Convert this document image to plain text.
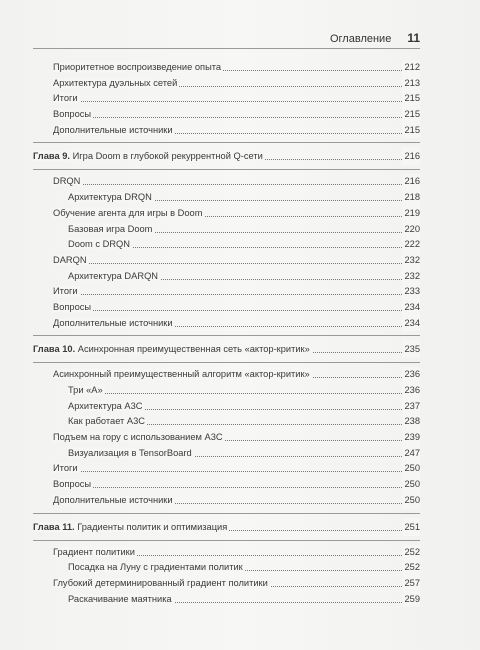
Оглавление 11
Приоритетное воспроизведение опыта	212
Архитектура дуэльных сетей	213
Итоги	215
Вопросы	215
Дополнительные источники	215
Глава 9. Игра Doom в глубокой рекуррентной Q-сети	216
DRQN	216
Архитектура DRQN	218
Обучение агента для игры в Doom	219
Базовая игра Doom	220
Doom с DRQN	222
DARQN	232
Архитектура DARQN	232
Итоги	233
Вопросы	234
Дополнительные источники	234
Глава 10. Асинхронная преимущественная сеть «актор-критик»	235
Асинхронный преимущественный алгоритм «актор-критик»	236
Три «А»	236
Архитектура A3C	237
Как работает A3C	238
Подъем на гору с использованием A3C	239
Визуализация в TensorBoard	247
Итоги	250
Вопросы	250
Дополнительные источники	250
Глава 11. Градиенты политик и оптимизация	251
Градиент политики	252
Посадка на Луну с градиентами политик	252
Глубокий детерминированный градиент политики	257
Раскачивание маятника	259
